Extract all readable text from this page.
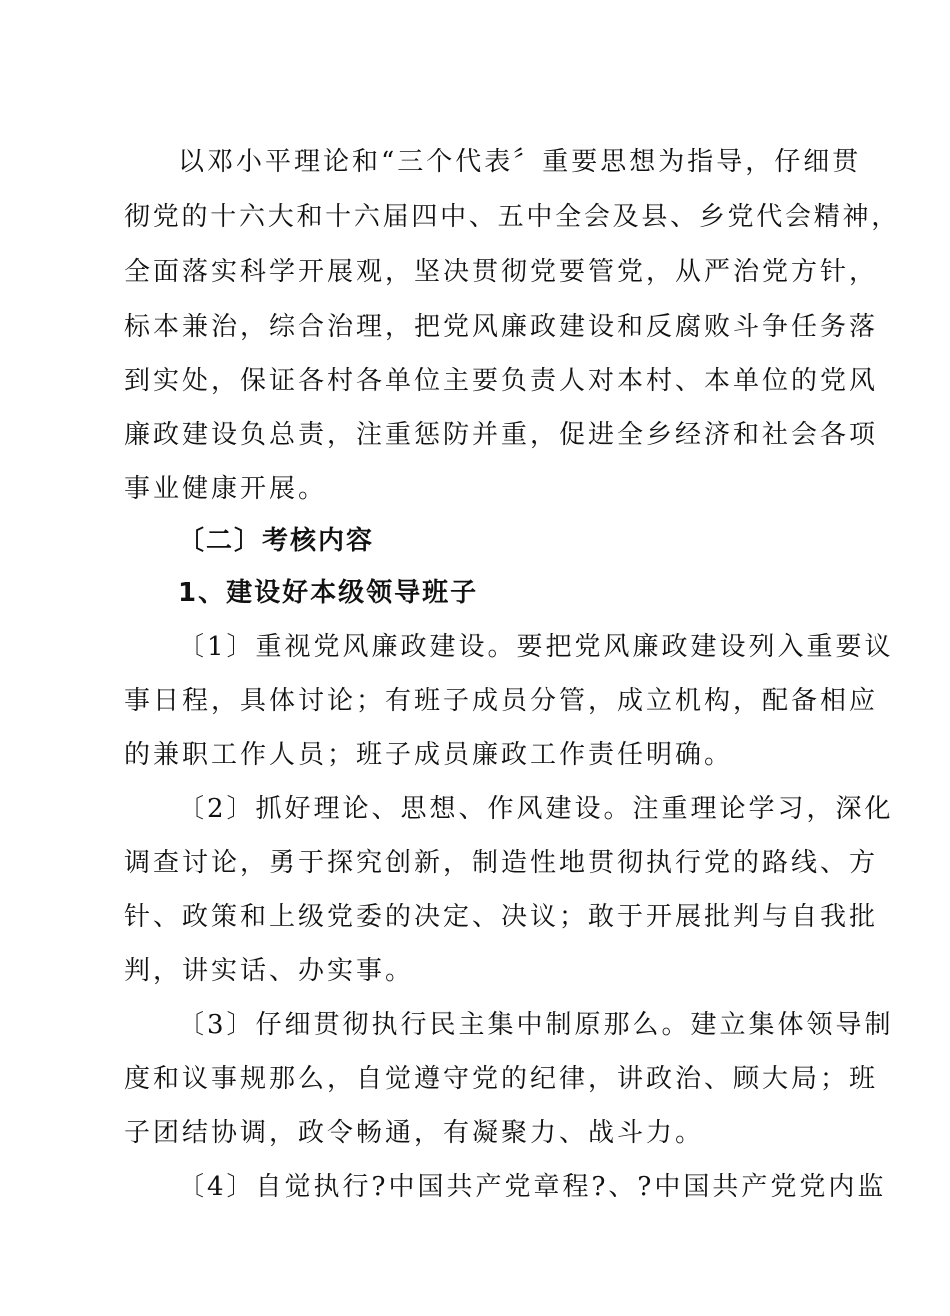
以邓小平理论和“三个代表〞重要思想为指导，仔细贯
彻党的十六大和十六届四中、五中全会及县、乡党代会精神，
全面落实科学开展观，坚决贯彻党要管党，从严治党方针，
标本兼治，综合治理，把党风廉政建设和反腐败斗争任务落
到实处，保证各村各单位主要负责人对本村、本单位的党风
廉政建设负总责，注重惩防并重，促进全乡经济和社会各项
事业健康开展。
〔二〕考核内容
1、建设好本级领导班子
〔1〕重视党风廉政建设。要把党风廉政建设列入重要议
事日程，具体讨论；有班子成员分管，成立机构，配备相应
的兼职工作人员；班子成员廉政工作责任明确。
〔2〕抓好理论、思想、作风建设。注重理论学习，深化
调查讨论，勇于探究创新，制造性地贯彻执行党的路线、方
针、政策和上级党委的决定、决议；敢于开展批判与自我批
判，讲实话、办实事。
〔3〕仔细贯彻执行民主集中制原那么。建立集体领导制
度和议事规那么，自觉遵守党的纪律，讲政治、顾大局；班
子团结协调，政令畅通，有凝聚力、战斗力。
〔4〕自觉执行?中国共产党章程?、?中国共产党党内监
